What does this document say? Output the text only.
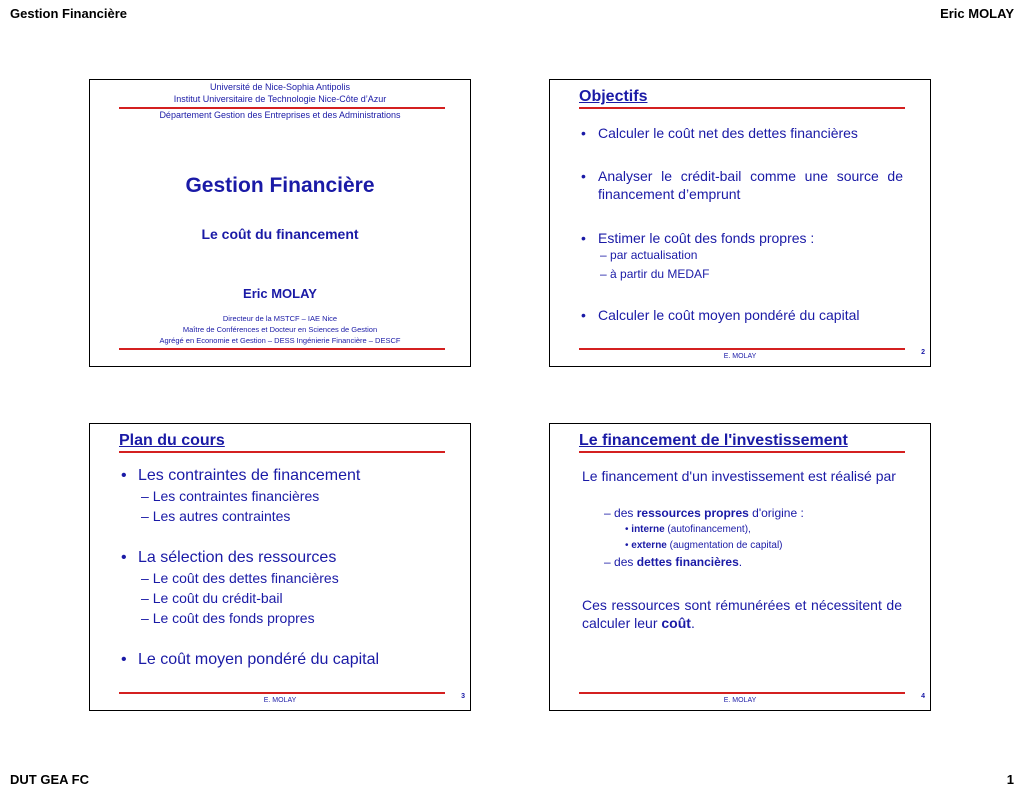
Gestion Financière	Eric MOLAY
DUT GEA FC	1
Université de Nice-Sophia Antipolis
Institut Universitaire de Technologie Nice-Côte d’Azur
Département Gestion des Entreprises et des Administrations
Gestion Financière
Le coût du financement
Eric MOLAY
Directeur de la MSTCF – IAE Nice
Maître de Conférences et Docteur en Sciences de Gestion
Agrégé en Economie et Gestion – DESS Ingénierie Financière – DESCF
Objectifs
• Calculer le coût net des dettes financières
• Analyser le crédit-bail comme une source de financement d’emprunt
• Estimer le coût des fonds propres :
– par actualisation
– à partir du MEDAF
• Calculer le coût moyen pondéré du capital
E. MOLAY
2
Plan du cours
• Les contraintes de financement
– Les contraintes financières
– Les autres contraintes
• La sélection des ressources
– Le coût des dettes financières
– Le coût du crédit-bail
– Le coût des fonds propres
• Le coût moyen pondéré du capital
E. MOLAY
3
Le financement de l'investissement
Le financement d'un investissement est réalisé par
– des ressources propres d'origine :
• interne (autofinancement),
• externe (augmentation de capital)
– des dettes financières.
Ces ressources sont rémunérées et nécessitent de calculer leur coût.
E. MOLAY
4
